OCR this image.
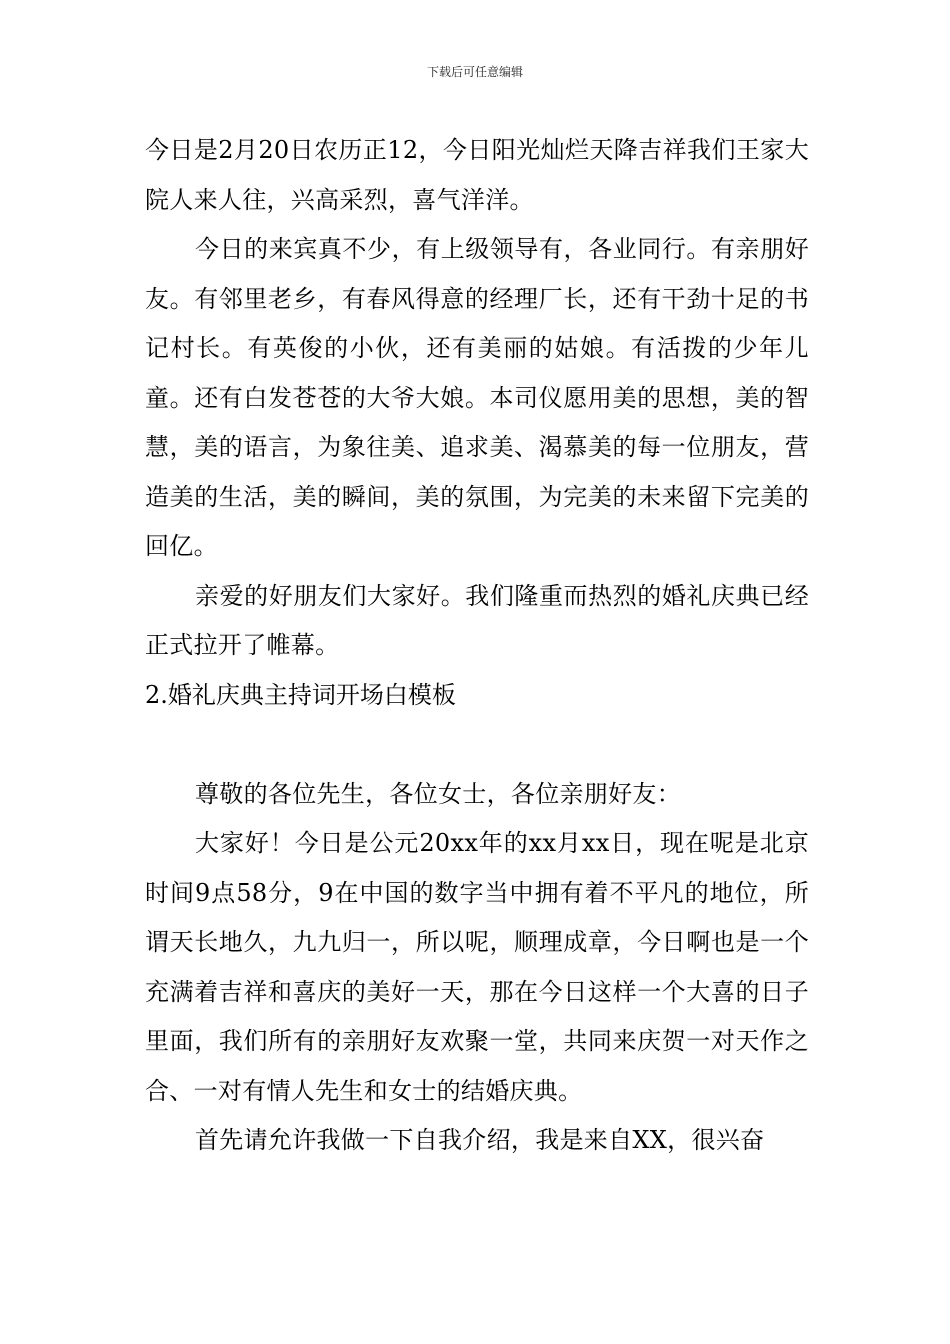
下载后可任意编辑

今日是2月20日农历正12，今日阳光灿烂天降吉祥我们王家大院人来人往，兴高采烈，喜气洋洋。

今日的来宾真不少，有上级领导有，各业同行。有亲朋好友。有邻里老乡，有春风得意的经理厂长，还有干劲十足的书记村长。有英俊的小伙，还有美丽的姑娘。有活拨的少年儿童。还有白发苍苍的大爷大娘。本司仪愿用美的思想，美的智慧，美的语言，为象往美、追求美、渴慕美的每一位朋友，营造美的生活，美的瞬间，美的氛围，为完美的未来留下完美的回亿。

亲爱的好朋友们大家好。我们隆重而热烈的婚礼庆典已经正式拉开了帷幕。

2.婚礼庆典主持词开场白模板

尊敬的各位先生，各位女士，各位亲朋好友：

大家好！今日是公元20xx年的xx月xx日，现在呢是北京时间9点58分，9在中国的数字当中拥有着不平凡的地位，所谓天长地久，九九归一，所以呢，顺理成章，今日啊也是一个充满着吉祥和喜庆的美好一天，那在今日这样一个大喜的日子里面，我们所有的亲朋好友欢聚一堂，共同来庆贺一对天作之合、一对有情人先生和女士的结婚庆典。

首先请允许我做一下自我介绍，我是来自XX，很兴奋
